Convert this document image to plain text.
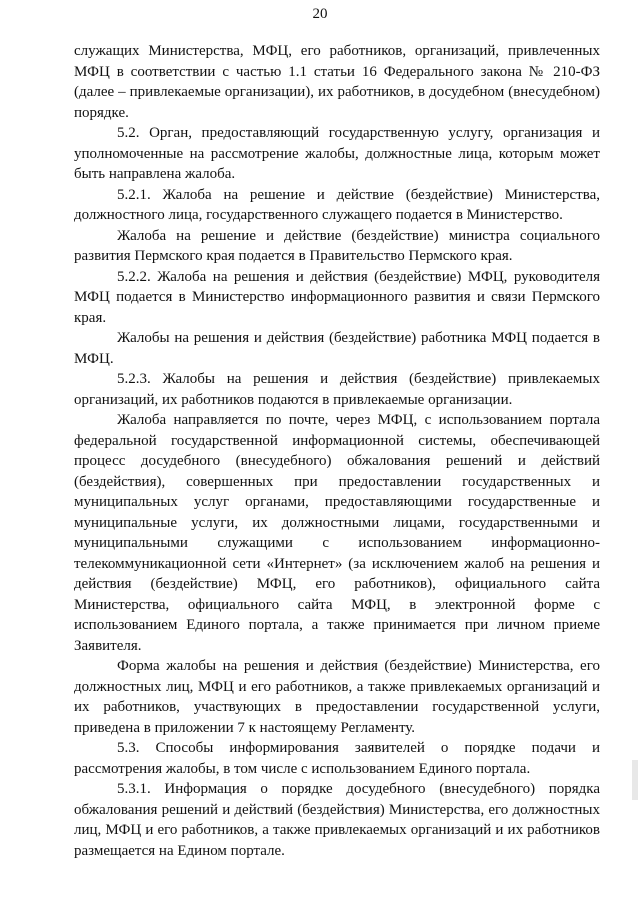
20

служащих Министерства, МФЦ, его работников, организаций, привлеченных МФЦ в соответствии с частью 1.1 статьи 16 Федерального закона № 210-ФЗ (далее – привлекаемые организации), их работников, в досудебном (внесудебном) порядке.

5.2. Орган, предоставляющий государственную услугу, организация и уполномоченные на рассмотрение жалобы, должностные лица, которым может быть направлена жалоба.

5.2.1. Жалоба на решение и действие (бездействие) Министерства, должностного лица, государственного служащего подается в Министерство.

Жалоба на решение и действие (бездействие) министра социального развития Пермского края подается в Правительство Пермского края.

5.2.2. Жалоба на решения и действия (бездействие) МФЦ, руководителя МФЦ подается в Министерство информационного развития и связи Пермского края.

Жалобы на решения и действия (бездействие) работника МФЦ подается в МФЦ.

5.2.3. Жалобы на решения и действия (бездействие) привлекаемых организаций, их работников подаются в привлекаемые организации.

Жалоба направляется по почте, через МФЦ, с использованием портала федеральной государственной информационной системы, обеспечивающей процесс досудебного (внесудебного) обжалования решений и действий (бездействия), совершенных при предоставлении государственных и муниципальных услуг органами, предоставляющими государственные и муниципальные услуги, их должностными лицами, государственными и муниципальными служащими с использованием информационно-телекоммуникационной сети «Интернет» (за исключением жалоб на решения и действия (бездействие) МФЦ, его работников), официального сайта Министерства, официального сайта МФЦ, в электронной форме с использованием Единого портала, а также принимается при личном приеме Заявителя.

Форма жалобы на решения и действия (бездействие) Министерства, его должностных лиц, МФЦ и его работников, а также привлекаемых организаций и их работников, участвующих в предоставлении государственной услуги, приведена в приложении 7 к настоящему Регламенту.

5.3. Способы информирования заявителей о порядке подачи и рассмотрения жалобы, в том числе с использованием Единого портала.

5.3.1. Информация о порядке досудебного (внесудебного) порядка обжалования решений и действий (бездействия) Министерства, его должностных лиц, МФЦ и его работников, а также привлекаемых организаций и их работников размещается на Едином портале.
